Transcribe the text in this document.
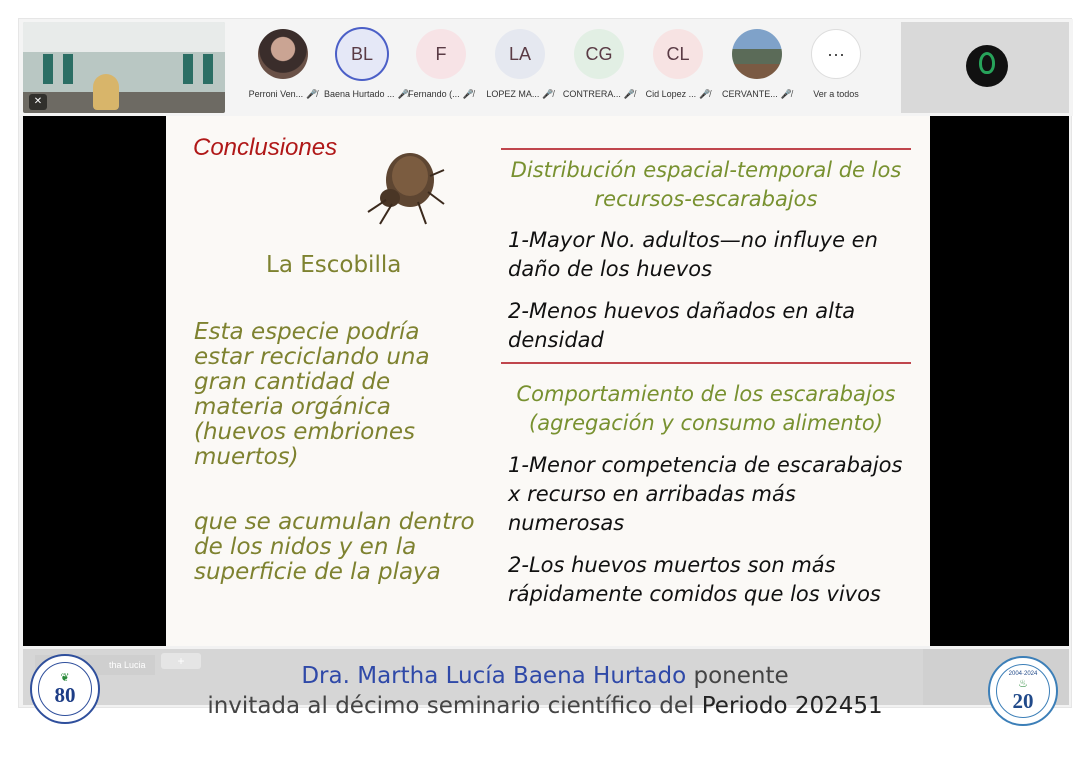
✕
Perroni Ven... 🎤̸
BL
Baena Hurtado ... 🎤̸
F
Fernando (... 🎤̸
LA
LOPEZ MA... 🎤̸
CG
CONTRERA... 🎤̸
CL
Cid Lopez ... 🎤̸	CERVANTE... 🎤̸
···
Ver a todos
Conclusiones
La Escobilla
Esta especie podría estar reciclando una gran cantidad de materia orgánica (huevos embriones muertos)
que se acumulan dentro de los nidos y en la superficie de la playa
Distribución espacial-temporal de los recursos-escarabajos
1-Mayor No. adultos—no influye en daño de los huevos
2-Menos huevos dañados en alta densidad
Comportamiento de los escarabajos (agregación y consumo alimento)
1-Menor competencia de escarabajos x recurso en arribadas más numerosas
2-Los huevos muertos son más rápidamente comidos que los vivos
tha Lucia	+
Dra. Martha Lucía Baena Hurtado ponente
invitada al décimo seminario científico del Periodo 202451
❦
80
2004·2024
♨
20
